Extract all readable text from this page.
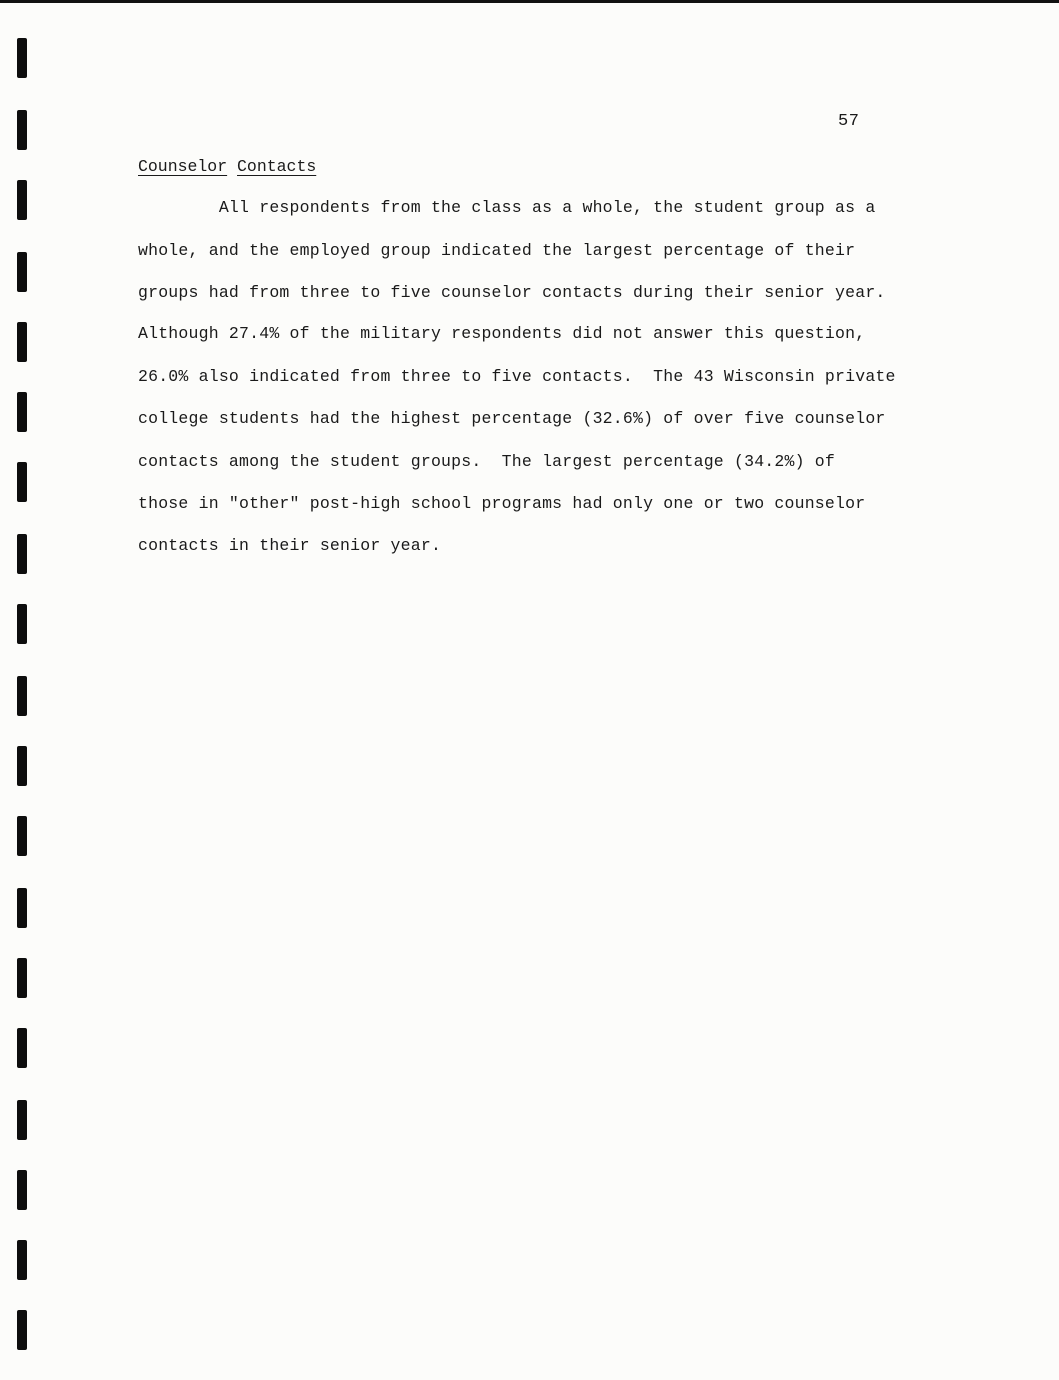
57
Counselor Contacts
All respondents from the class as a whole, the student group as a
whole, and the employed group indicated the largest percentage of their
groups had from three to five counselor contacts during their senior year.
Although 27.4% of the military respondents did not answer this question,
26.0% also indicated from three to five contacts.  The 43 Wisconsin private
college students had the highest percentage (32.6%) of over five counselor
contacts among the student groups.  The largest percentage (34.2%) of
those in "other" post-high school programs had only one or two counselor
contacts in their senior year.
